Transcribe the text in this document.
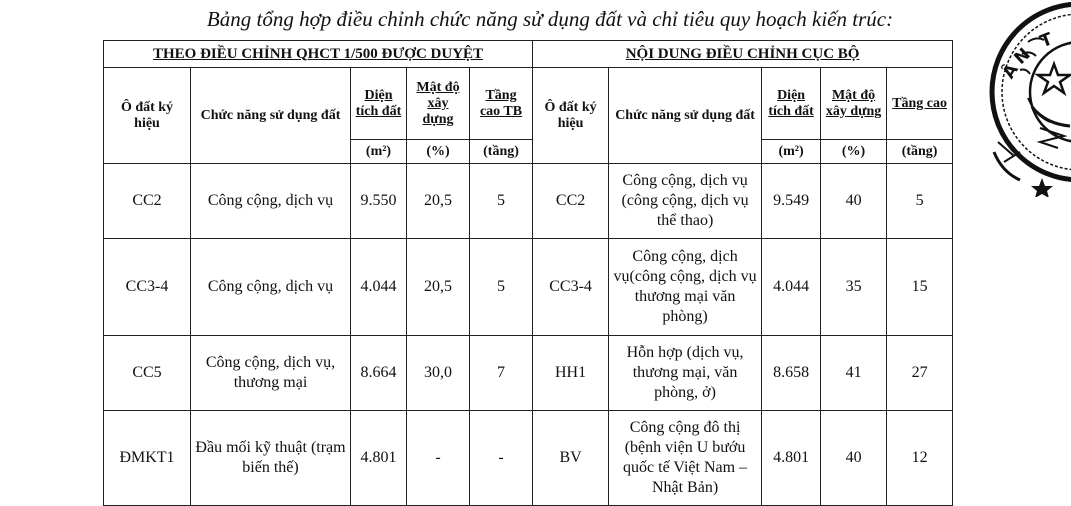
Bảng tổng hợp điều chỉnh chức năng sử dụng đất và chỉ tiêu quy hoạch kiến trúc:
THEO ĐIỀU CHỈNH QHCT 1/500 ĐƯỢC DUYỆT					NỘI DUNG ĐIỀU CHỈNH CỤC BỘ				
Ô đất ký hiệu	Chức năng sử dụng đất	Diện tích đất	Mật độ xây dựng	Tầng cao TB	Ô đất ký hiệu	Chức năng sử dụng đất	Diện tích đất	Mật độ xây dựng	Tầng cao
		(m²)	(%)	(tầng)			(m²)	(%)	(tầng)
CC2	Công cộng, dịch vụ	9.550	20,5	5	CC2	Công cộng, dịch vụ (công cộng, dịch vụ thể thao)	9.549	40	5
CC3-4	Công cộng, dịch vụ	4.044	20,5	5	CC3-4	Công cộng, dịch vụ(công cộng, dịch vụ thương mại văn phòng)	4.044	35	15
CC5	Công cộng, dịch vụ, thương mại	8.664	30,0	7	HH1	Hỗn hợp (dịch vụ, thương mại, văn phòng, ở)	8.658	41	27
ĐMKT1	Đầu mối kỹ thuật (trạm biến thế)	4.801	-	-	BV	Công cộng đô thị (bệnh viện U bướu quốc tế Việt Nam – Nhật Bản)	4.801	40	12
ÂN T
